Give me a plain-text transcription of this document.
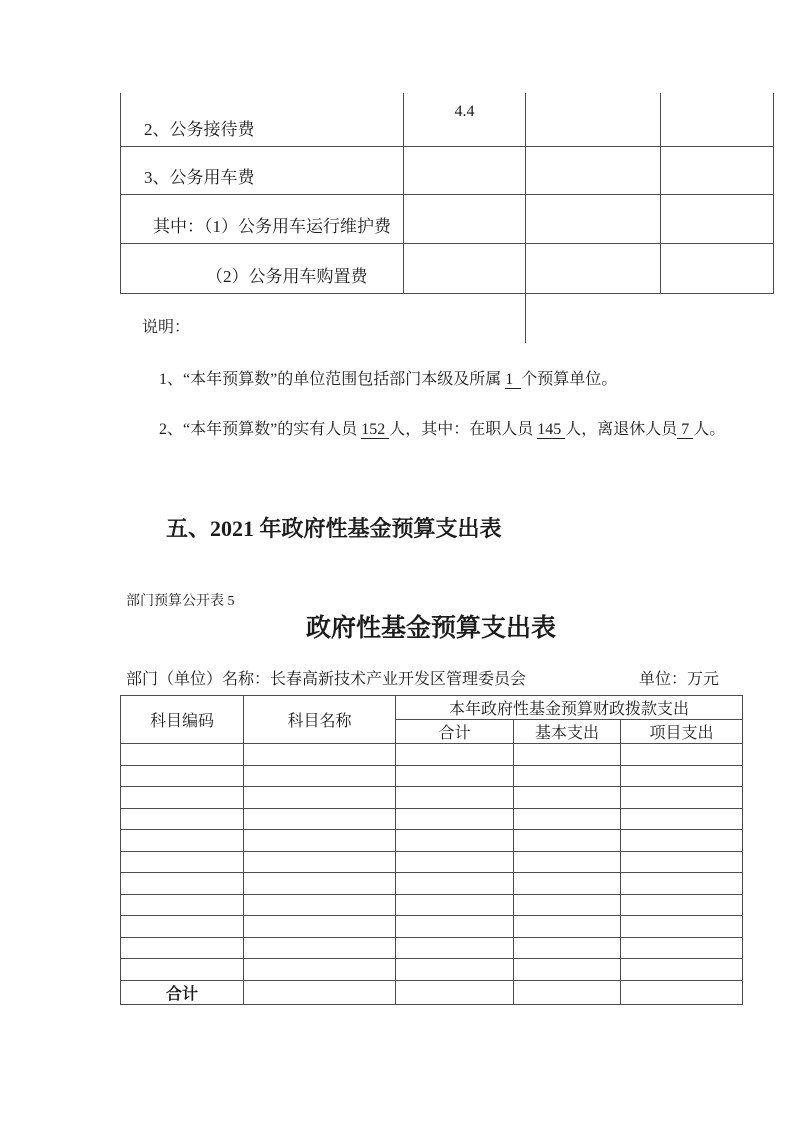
2、公务接待费	4.4		
3、公务用车费			
其中：（1）公务用车运行维护费			
（2）公务用车购置费			
说明：
1、“本年预算数”的单位范围包括部门本级及所属 1  个预算单位。
2、“本年预算数”的实有人员 152 人，其中：在职人员 145 人，离退休人员 7 人。
五、2021 年政府性基金预算支出表
部门预算公开表 5
政府性基金预算支出表
部门（单位）名称：长春高新技术产业开发区管理委员会	单位：万元
科目编码	科目名称	本年政府性基金预算财政拨款支出		
		合计	基本支出	项目支出

合计				
